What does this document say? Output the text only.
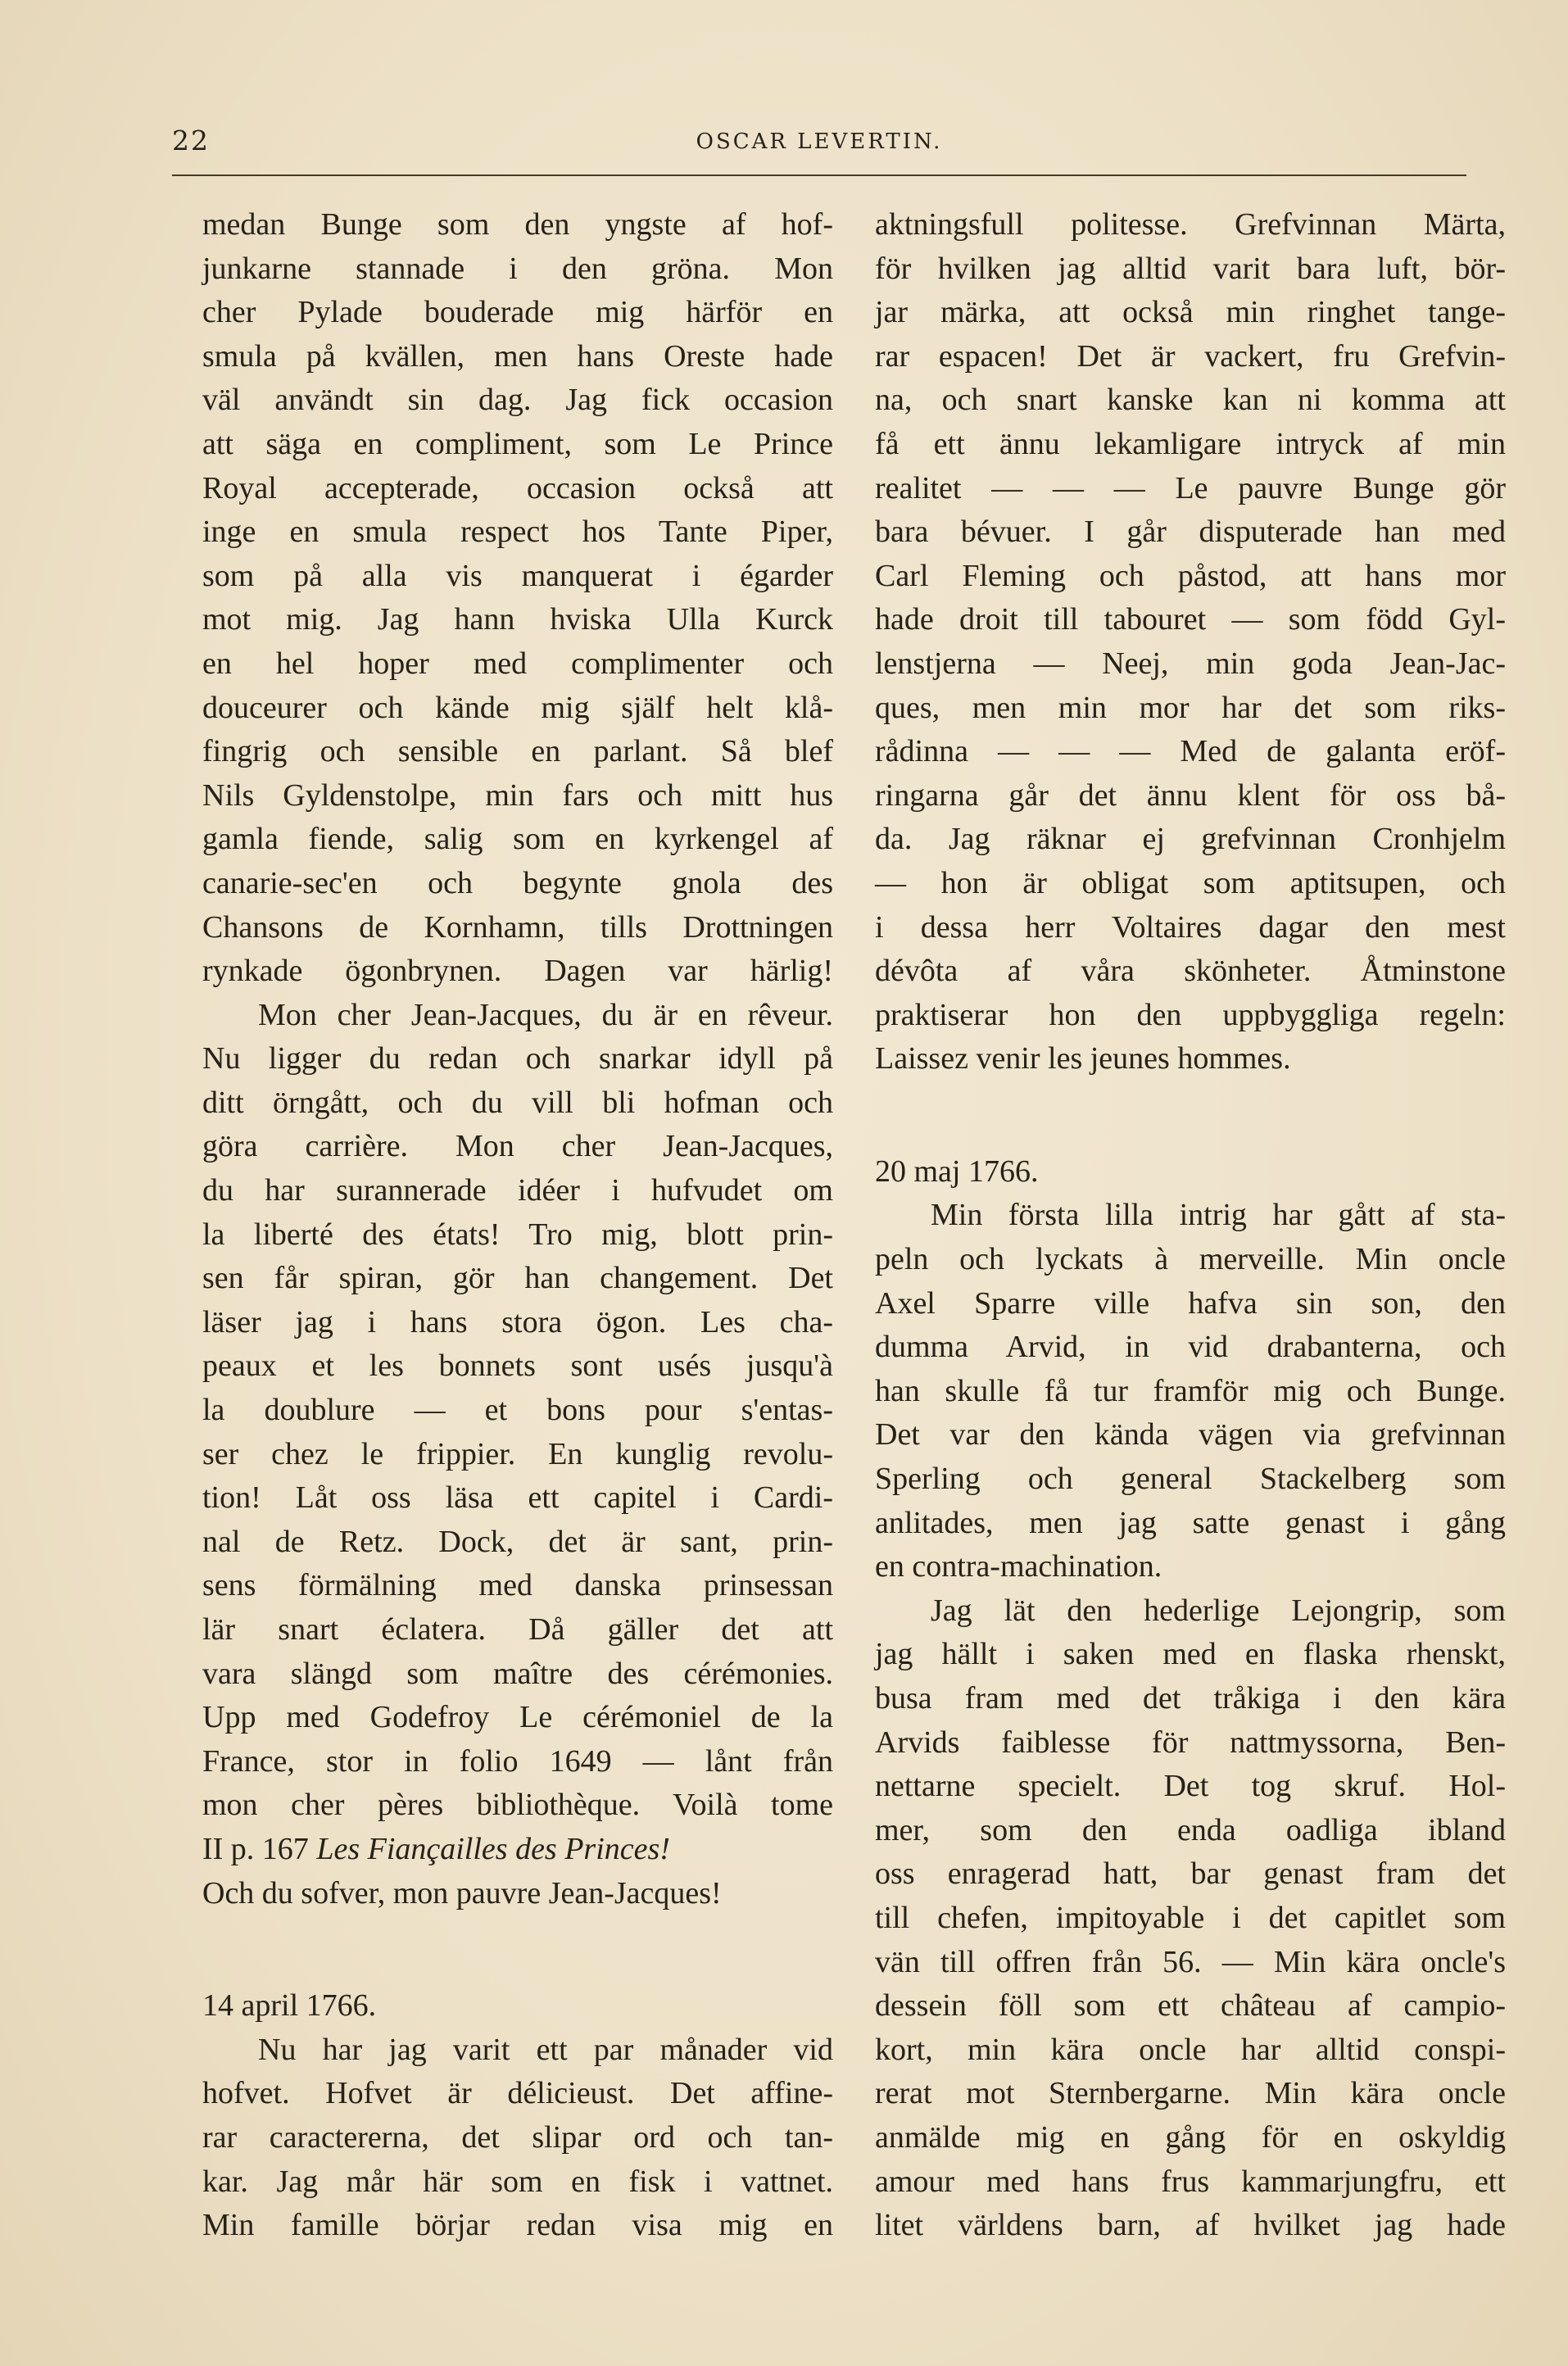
22	OSCAR LEVERTIN.
medan Bunge som den yngste af hof-
junkarne stannade i den gröna. Mon
cher Pylade bouderade mig härför en
smula på kvällen, men hans Oreste hade
väl användt sin dag. Jag fick occasion
att säga en compliment, som Le Prince
Royal accepterade, occasion också att
inge en smula respect hos Tante Piper,
som på alla vis manquerat i égarder
mot mig. Jag hann hviska Ulla Kurck
en hel hoper med complimenter och
douceurer och kände mig själf helt klå-
fingrig och sensible en parlant. Så blef
Nils Gyldenstolpe, min fars och mitt hus
gamla fiende, salig som en kyrkengel af
canarie-sec'en och begynte gnola des
Chansons de Kornhamn, tills Drottningen
rynkade ögonbrynen. Dagen var härlig!
Mon cher Jean-Jacques, du är en rêveur.
Nu ligger du redan och snarkar idyll på
ditt örngått, och du vill bli hofman och
göra carrière. Mon cher Jean-Jacques,
du har surannerade idéer i hufvudet om
la liberté des états! Tro mig, blott prin-
sen får spiran, gör han changement. Det
läser jag i hans stora ögon. Les cha-
peaux et les bonnets sont usés jusqu'à
la doublure — et bons pour s'entas-
ser chez le frippier. En kunglig revolu-
tion! Låt oss läsa ett capitel i Cardi-
nal de Retz. Dock, det är sant, prin-
sens förmälning med danska prinsessan
lär snart éclatera. Då gäller det att
vara slängd som maître des cérémonies.
Upp med Godefroy Le cérémoniel de la
France, stor in folio 1649 — lånt från
mon cher pères bibliothèque. Voilà tome
II p. 167 Les Fiançailles des Princes!
Och du sofver, mon pauvre Jean-Jacques!
14 april 1766.
Nu har jag varit ett par månader vid
hofvet. Hofvet är délicieust. Det affine-
rar caractererna, det slipar ord och tan-
kar. Jag mår här som en fisk i vattnet.
Min famille börjar redan visa mig en
aktningsfull politesse. Grefvinnan Märta,
för hvilken jag alltid varit bara luft, bör-
jar märka, att också min ringhet tange-
rar espacen! Det är vackert, fru Grefvin-
na, och snart kanske kan ni komma att
få ett ännu lekamligare intryck af min
realitet — — — Le pauvre Bunge gör
bara bévuer. I går disputerade han med
Carl Fleming och påstod, att hans mor
hade droit till tabouret — som född Gyl-
lenstjerna — Neej, min goda Jean-Jac-
ques, men min mor har det som riks-
rådinna — — — Med de galanta eröf-
ringarna går det ännu klent för oss bå-
da. Jag räknar ej grefvinnan Cronhjelm
— hon är obligat som aptitsupen, och
i dessa herr Voltaires dagar den mest
dévôta af våra skönheter. Åtminstone
praktiserar hon den uppbyggliga regeln:
Laissez venir les jeunes hommes.
20 maj 1766.
Min första lilla intrig har gått af sta-
peln och lyckats à merveille. Min oncle
Axel Sparre ville hafva sin son, den
dumma Arvid, in vid drabanterna, och
han skulle få tur framför mig och Bunge.
Det var den kända vägen via grefvinnan
Sperling och general Stackelberg som
anlitades, men jag satte genast i gång
en contra-machination.
Jag lät den hederlige Lejongrip, som
jag hällt i saken med en flaska rhenskt,
busa fram med det tråkiga i den kära
Arvids faiblesse för nattmyssorna, Ben-
nettarne specielt. Det tog skruf. Hol-
mer, som den enda oadliga ibland
oss enragerad hatt, bar genast fram det
till chefen, impitoyable i det capitlet som
vän till offren från 56. — Min kära oncle's
dessein föll som ett château af campio-
kort, min kära oncle har alltid conspi-
rerat mot Sternbergarne. Min kära oncle
anmälde mig en gång för en oskyldig
amour med hans frus kammarjungfru, ett
litet världens barn, af hvilket jag hade
